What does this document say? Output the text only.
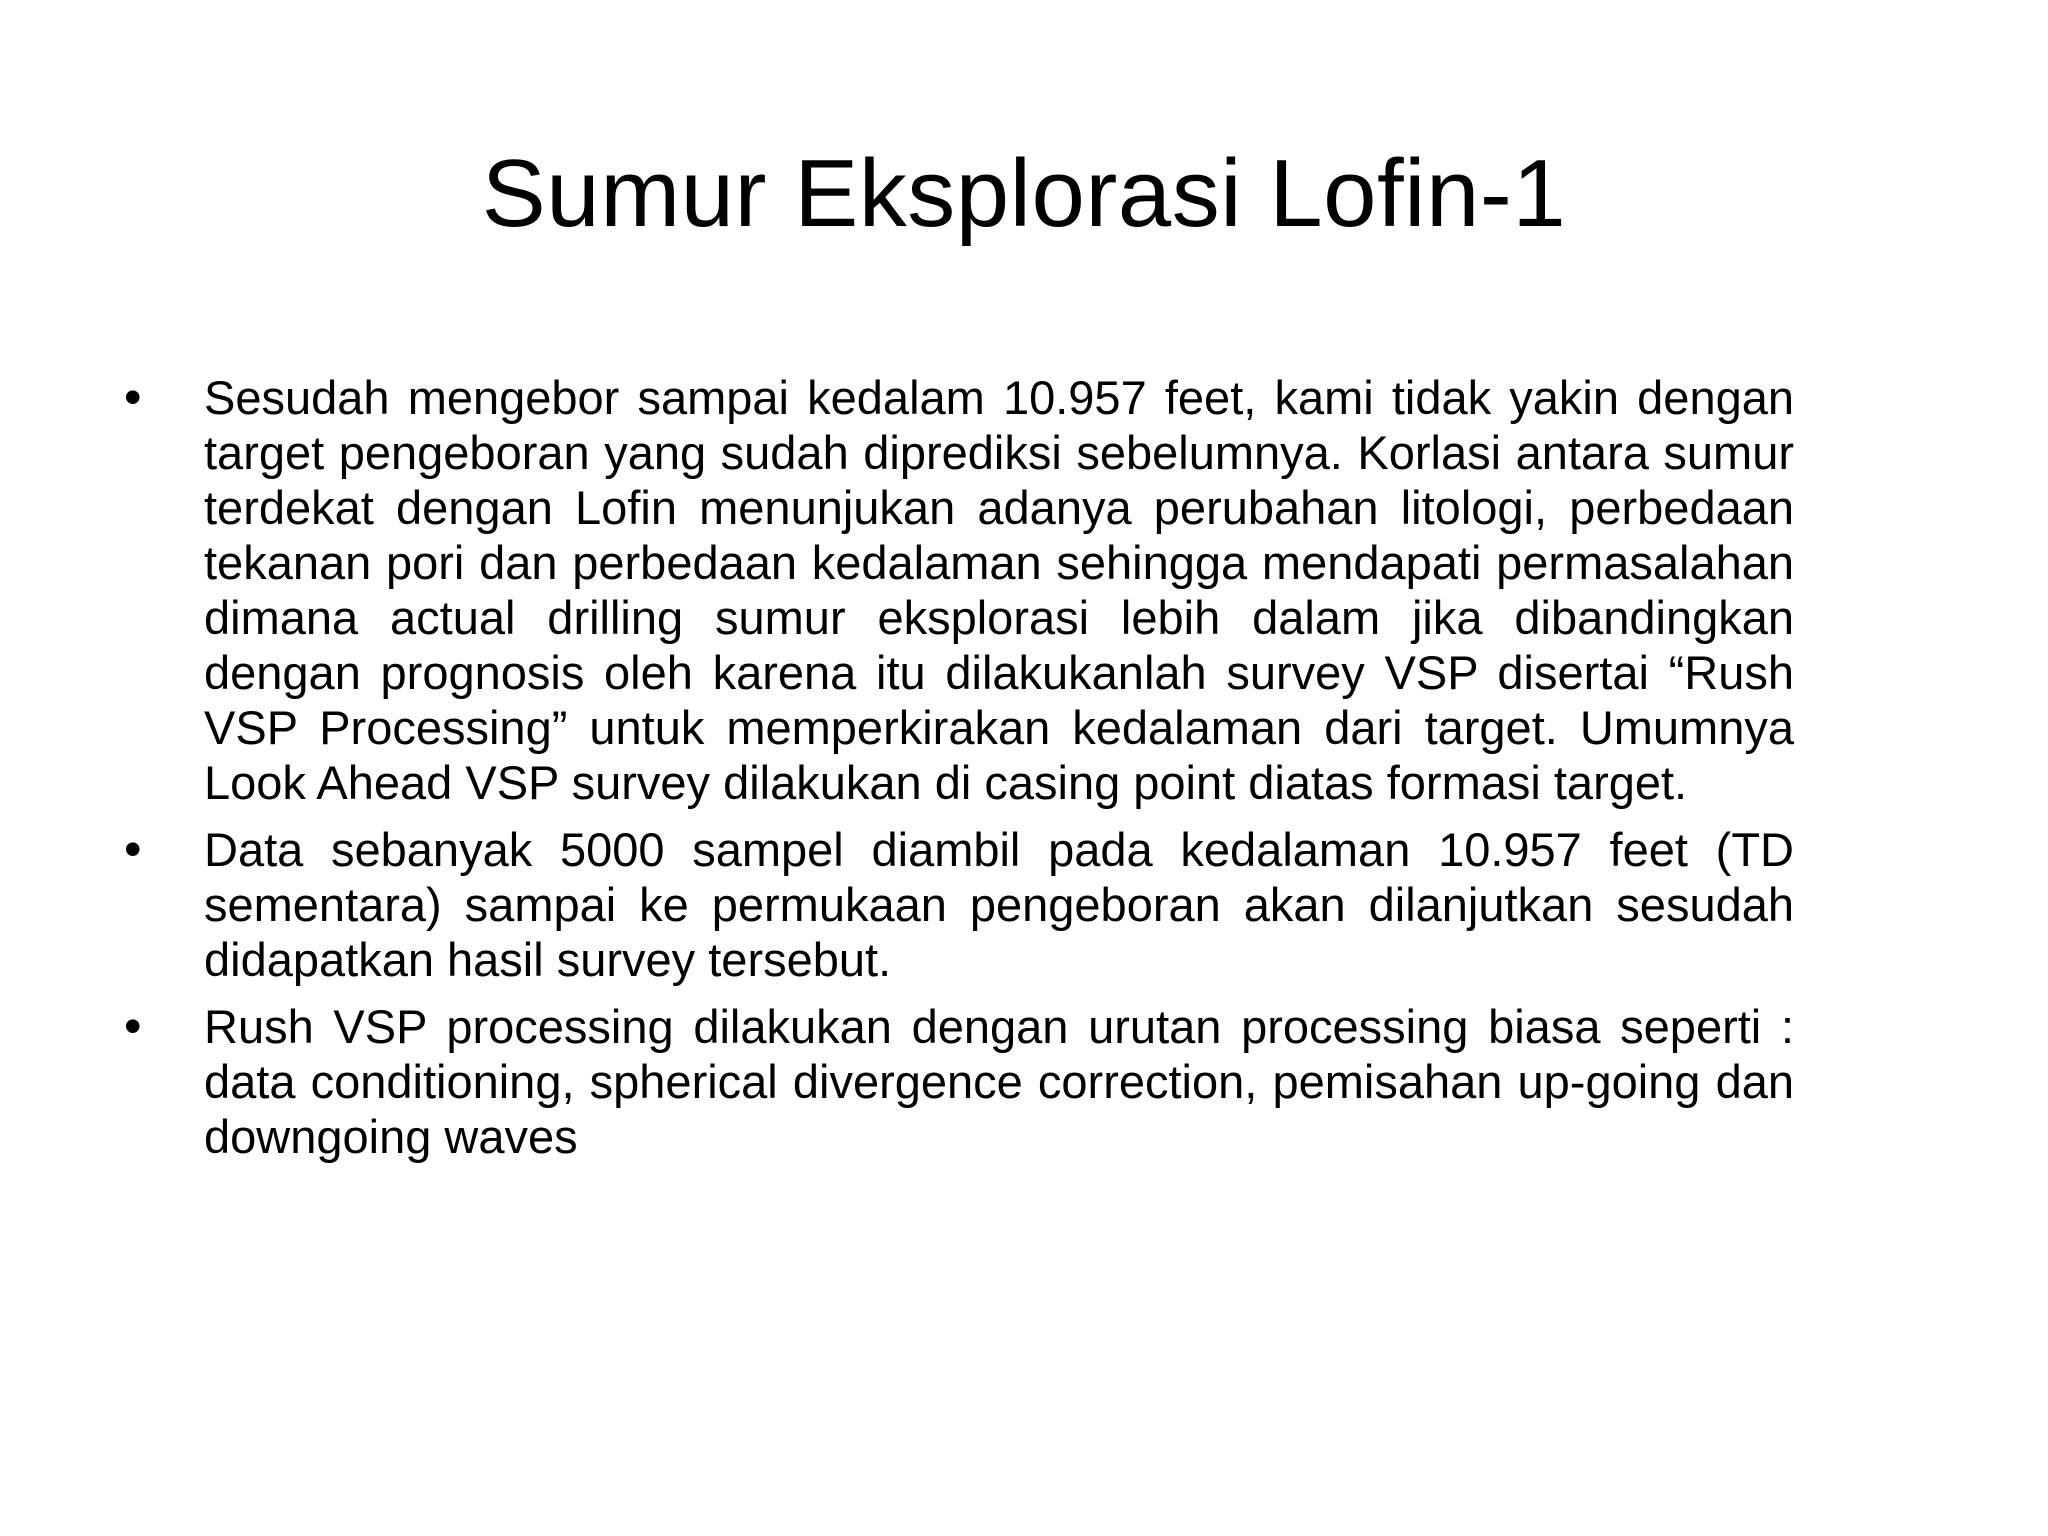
Sumur Eksplorasi Lofin-1
• Sesudah mengebor sampai kedalam 10.957 feet, kami tidak yakin dengan target pengeboran yang sudah diprediksi sebelumnya. Korlasi antara sumur terdekat dengan Lofin menunjukan adanya perubahan litologi, perbedaan tekanan pori dan perbedaan kedalaman sehingga mendapati permasalahan dimana actual drilling sumur eksplorasi lebih dalam jika dibandingkan dengan prognosis oleh karena itu dilakukanlah survey VSP disertai “Rush VSP Processing” untuk memperkirakan kedalaman dari target. Umumnya Look Ahead VSP survey dilakukan di casing point diatas formasi target.
• Data sebanyak 5000 sampel diambil pada kedalaman 10.957 feet (TD sementara) sampai ke permukaan pengeboran akan dilanjutkan sesudah didapatkan hasil survey tersebut.
• Rush VSP processing dilakukan dengan urutan processing biasa seperti : data conditioning, spherical divergence correction, pemisahan up-going dan downgoing waves
